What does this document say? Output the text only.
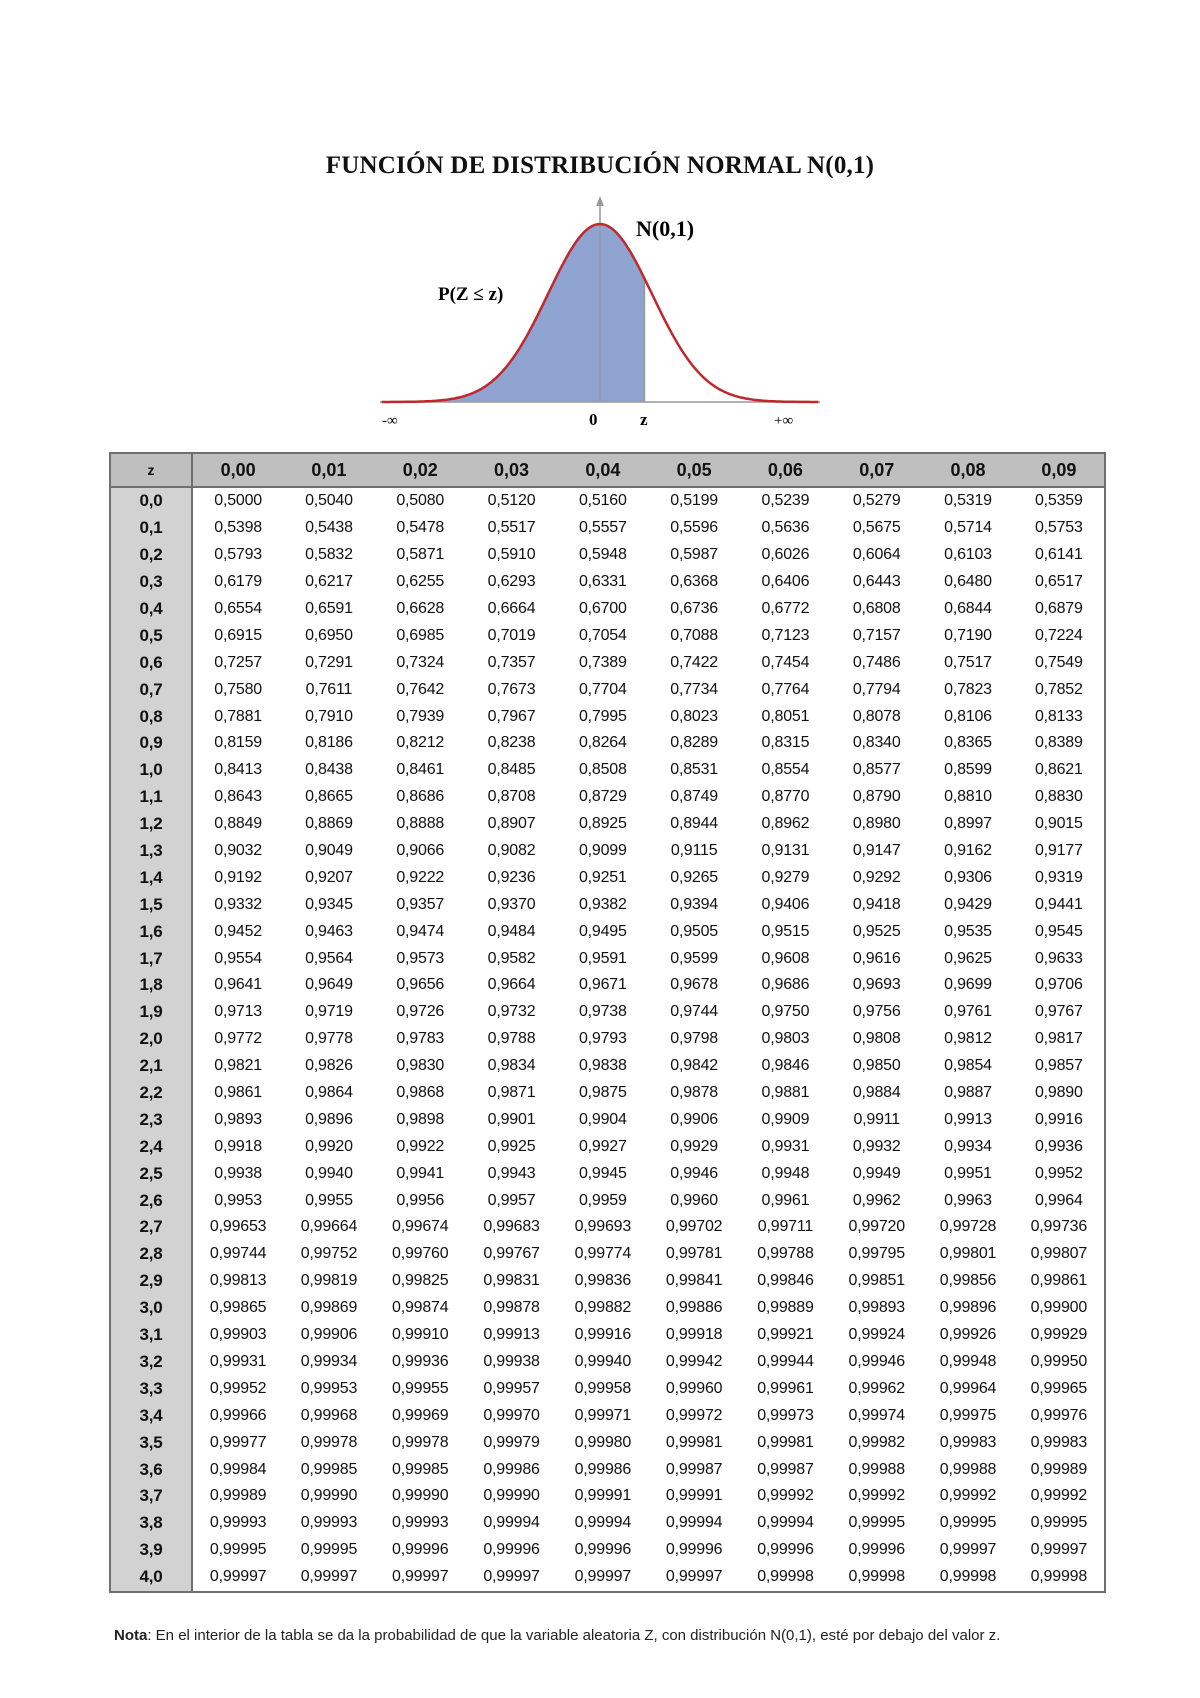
FUNCIÓN DE DISTRIBUCIÓN NORMAL N(0,1)
N(0,1)
P(Z ≤ z)
-∞	0	z	+∞
z	0,00	0,01	0,02	0,03	0,04	0,05	0,06	0,07	0,08	0,09
0,0	0,5000	0,5040	0,5080	0,5120	0,5160	0,5199	0,5239	0,5279	0,5319	0,5359
0,1	0,5398	0,5438	0,5478	0,5517	0,5557	0,5596	0,5636	0,5675	0,5714	0,5753
0,2	0,5793	0,5832	0,5871	0,5910	0,5948	0,5987	0,6026	0,6064	0,6103	0,6141
0,3	0,6179	0,6217	0,6255	0,6293	0,6331	0,6368	0,6406	0,6443	0,6480	0,6517
0,4	0,6554	0,6591	0,6628	0,6664	0,6700	0,6736	0,6772	0,6808	0,6844	0,6879
0,5	0,6915	0,6950	0,6985	0,7019	0,7054	0,7088	0,7123	0,7157	0,7190	0,7224
0,6	0,7257	0,7291	0,7324	0,7357	0,7389	0,7422	0,7454	0,7486	0,7517	0,7549
0,7	0,7580	0,7611	0,7642	0,7673	0,7704	0,7734	0,7764	0,7794	0,7823	0,7852
0,8	0,7881	0,7910	0,7939	0,7967	0,7995	0,8023	0,8051	0,8078	0,8106	0,8133
0,9	0,8159	0,8186	0,8212	0,8238	0,8264	0,8289	0,8315	0,8340	0,8365	0,8389
1,0	0,8413	0,8438	0,8461	0,8485	0,8508	0,8531	0,8554	0,8577	0,8599	0,8621
1,1	0,8643	0,8665	0,8686	0,8708	0,8729	0,8749	0,8770	0,8790	0,8810	0,8830
1,2	0,8849	0,8869	0,8888	0,8907	0,8925	0,8944	0,8962	0,8980	0,8997	0,9015
1,3	0,9032	0,9049	0,9066	0,9082	0,9099	0,9115	0,9131	0,9147	0,9162	0,9177
1,4	0,9192	0,9207	0,9222	0,9236	0,9251	0,9265	0,9279	0,9292	0,9306	0,9319
1,5	0,9332	0,9345	0,9357	0,9370	0,9382	0,9394	0,9406	0,9418	0,9429	0,9441
1,6	0,9452	0,9463	0,9474	0,9484	0,9495	0,9505	0,9515	0,9525	0,9535	0,9545
1,7	0,9554	0,9564	0,9573	0,9582	0,9591	0,9599	0,9608	0,9616	0,9625	0,9633
1,8	0,9641	0,9649	0,9656	0,9664	0,9671	0,9678	0,9686	0,9693	0,9699	0,9706
1,9	0,9713	0,9719	0,9726	0,9732	0,9738	0,9744	0,9750	0,9756	0,9761	0,9767
2,0	0,9772	0,9778	0,9783	0,9788	0,9793	0,9798	0,9803	0,9808	0,9812	0,9817
2,1	0,9821	0,9826	0,9830	0,9834	0,9838	0,9842	0,9846	0,9850	0,9854	0,9857
2,2	0,9861	0,9864	0,9868	0,9871	0,9875	0,9878	0,9881	0,9884	0,9887	0,9890
2,3	0,9893	0,9896	0,9898	0,9901	0,9904	0,9906	0,9909	0,9911	0,9913	0,9916
2,4	0,9918	0,9920	0,9922	0,9925	0,9927	0,9929	0,9931	0,9932	0,9934	0,9936
2,5	0,9938	0,9940	0,9941	0,9943	0,9945	0,9946	0,9948	0,9949	0,9951	0,9952
2,6	0,9953	0,9955	0,9956	0,9957	0,9959	0,9960	0,9961	0,9962	0,9963	0,9964
2,7	0,99653	0,99664	0,99674	0,99683	0,99693	0,99702	0,99711	0,99720	0,99728	0,99736
2,8	0,99744	0,99752	0,99760	0,99767	0,99774	0,99781	0,99788	0,99795	0,99801	0,99807
2,9	0,99813	0,99819	0,99825	0,99831	0,99836	0,99841	0,99846	0,99851	0,99856	0,99861
3,0	0,99865	0,99869	0,99874	0,99878	0,99882	0,99886	0,99889	0,99893	0,99896	0,99900
3,1	0,99903	0,99906	0,99910	0,99913	0,99916	0,99918	0,99921	0,99924	0,99926	0,99929
3,2	0,99931	0,99934	0,99936	0,99938	0,99940	0,99942	0,99944	0,99946	0,99948	0,99950
3,3	0,99952	0,99953	0,99955	0,99957	0,99958	0,99960	0,99961	0,99962	0,99964	0,99965
3,4	0,99966	0,99968	0,99969	0,99970	0,99971	0,99972	0,99973	0,99974	0,99975	0,99976
3,5	0,99977	0,99978	0,99978	0,99979	0,99980	0,99981	0,99981	0,99982	0,99983	0,99983
3,6	0,99984	0,99985	0,99985	0,99986	0,99986	0,99987	0,99987	0,99988	0,99988	0,99989
3,7	0,99989	0,99990	0,99990	0,99990	0,99991	0,99991	0,99992	0,99992	0,99992	0,99992
3,8	0,99993	0,99993	0,99993	0,99994	0,99994	0,99994	0,99994	0,99995	0,99995	0,99995
3,9	0,99995	0,99995	0,99996	0,99996	0,99996	0,99996	0,99996	0,99996	0,99997	0,99997
4,0	0,99997	0,99997	0,99997	0,99997	0,99997	0,99997	0,99998	0,99998	0,99998	0,99998
Nota: En el interior de la tabla se da la probabilidad de que la variable aleatoria Z, con distribución N(0,1), esté por debajo del valor z.
